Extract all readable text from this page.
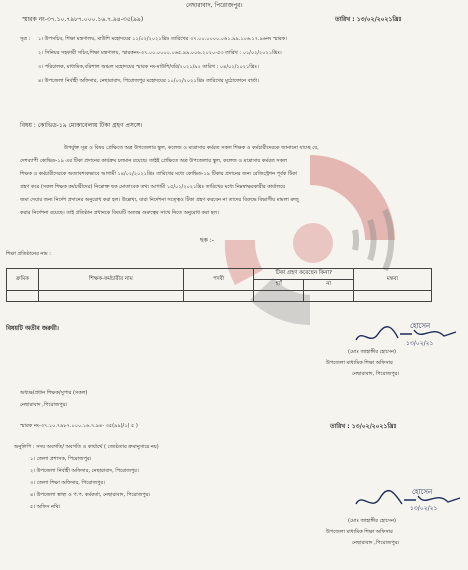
নেছারাবাদ, পিরোজপুর।
স্মারক নং-৩৭.১০.৭৯৮৭.০০০.১৬.৭.৯৪-৩৫(৯৯)	তারিখ : ১৩/০২/২০২১খ্রিঃ
সূত্র : ১। উপসচিব, শিক্ষা মন্ত্রণালয়, মাউশি মহোদয়ের ১১/০২/২০২১খ্রিঃ তারিখের ৩৭.০০.০০০০.০৬১.৯৯.১০৬.১৭.৯৬নং স্মারক।
২। সিনিয়র সহকারী সচিব,শিক্ষা মন্ত্রণালয়, স্মারকনং-৩৭.০০.০০০০.০৬৫.৯৯.০০৬.২০২০-৫৩ তারিখ : ০১/০২/২০২১খ্রিঃ।
৩। পরিচালক, মাধ্যমিক,বরিশাল অঞ্চল মহোদয়ের স্মারক নং-মাউশি/বরি/২০২১/৯২ তারিখ : ০৪/০২/২০২১খ্রিঃ।
৪। উপজেলা নির্বাহী অফিসার, নেছারাবাদ, পিরোজপুর মহোদয়ের ১০/০২/২০২১খ্রিঃ তারিখের মুঠোফোনে বার্তা।
বিষয় : কোভিড-১৯ মোকাবেলায় টিকা গ্রহণ প্রসঙ্গে।
উপর্যুক্ত সূত্র ও বিষয় প্রেক্ষিতে অত্র উপজেলার স্কুল, কলেজ ও মাদ্রাসায় কর্মরত সকল শিক্ষক ও কর্মচারীদেরকে জানানো যাচ্ছে যে,
দেশব্যাপী কোভিড-১৯ এর টিকা প্রদানের কার্যক্রম চলমান রয়েছে। তাইই প্রেক্ষিতে অত্র উপজেলার স্কুল, কলেজ ও মাদ্রাসায় কর্মরত সকল
শিক্ষক ও কর্মচারীদেরকে অত্যাবশ্যকভাবে আগামী ১৪/০২/২০২১খ্রিঃ তারিখের মধ্যে কোভিড-১৯ টিকার প্রদানের জন্য রেজিস্ট্রেশন পূর্বক টিকা
গ্রহণ করে (সকল শিক্ষক কর্মচারীদের) নিম্নোক্ত ছক মোতাবেক তথ্য আগামী ১৫/০২/২০২১খ্রিঃ তারিখের মধ্যে নিম্নস্বাক্ষরকারীর কার্যালয়ে
জমা দেয়ার জন্য নির্দেশ প্রদানের অনুরোধ করা হল। উল্লেখ্য, যারা নির্দেশনা সত্ত্বেও টিকা গ্রহণ করবেন না তাদের বিরুদ্ধে বিভাগীয় মামলা রুজু
করার নির্দেশনা রয়েছে। তাই প্রতিষ্ঠান প্রধানকে বিষয়টি অত্যন্ত গুরুত্বের সাথে নিতে অনুরোধ করা হল।
ছক :-
শিক্ষা প্রতিষ্ঠানের নাম :
ক্রমিক	শিক্ষক-কর্মচারীর নাম	পদবী	টিকা গ্রহণ করেছেন কিনা?		মন্তব্য
			হ্যাঁ	না	

বিষয়টি অতীব জরুরী।	হোসেন
১৩/০২/২১
(মোঃ জাহাঙ্গীর হোসেন)
উপজেলা মাধ্যমিক শিক্ষা অফিসার
নেছারাবাদ, পিরোজপুর।
অধ্যক্ষ/প্রধান শিক্ষক/সুপার (সকল)
নেছারাবাদ ,পিরোজপুর।
স্মারক নং-৩৭.১০.৭৯৮৭.০০০.১৬.৭.৯৪- ৩৫(৯৯)/১( ৫ )	তারিখ : ১৩/০২/২০২১খ্রিঃ
অনুলিপি : সদয় অবগতি/ অবগতি ও কার্যার্থে ( জ্যেষ্ঠতার ক্রমানুসারে নয়)
১। জেলা প্রশাসক, পিরোজপুর।
২। উপজেলা নির্বাহী অফিসার, নেছারাবাদ, পিরোজপুর।
৩। জেলা শিক্ষা অফিসার, পিরোজপুর।
৪। উপজেলা স্বাস্থ্য ও প.প. কর্মকর্তা, নেছারাবাদ, পিরোজপুর।
৫। অফিস নথি।
হোসেন
১৩/০২/২১
(মোঃ জাহাঙ্গীর হোসেন)
উপজেলা মাধ্যমিক শিক্ষা অফিসার
নেছারাবাদ ,পিরোজপুর।
